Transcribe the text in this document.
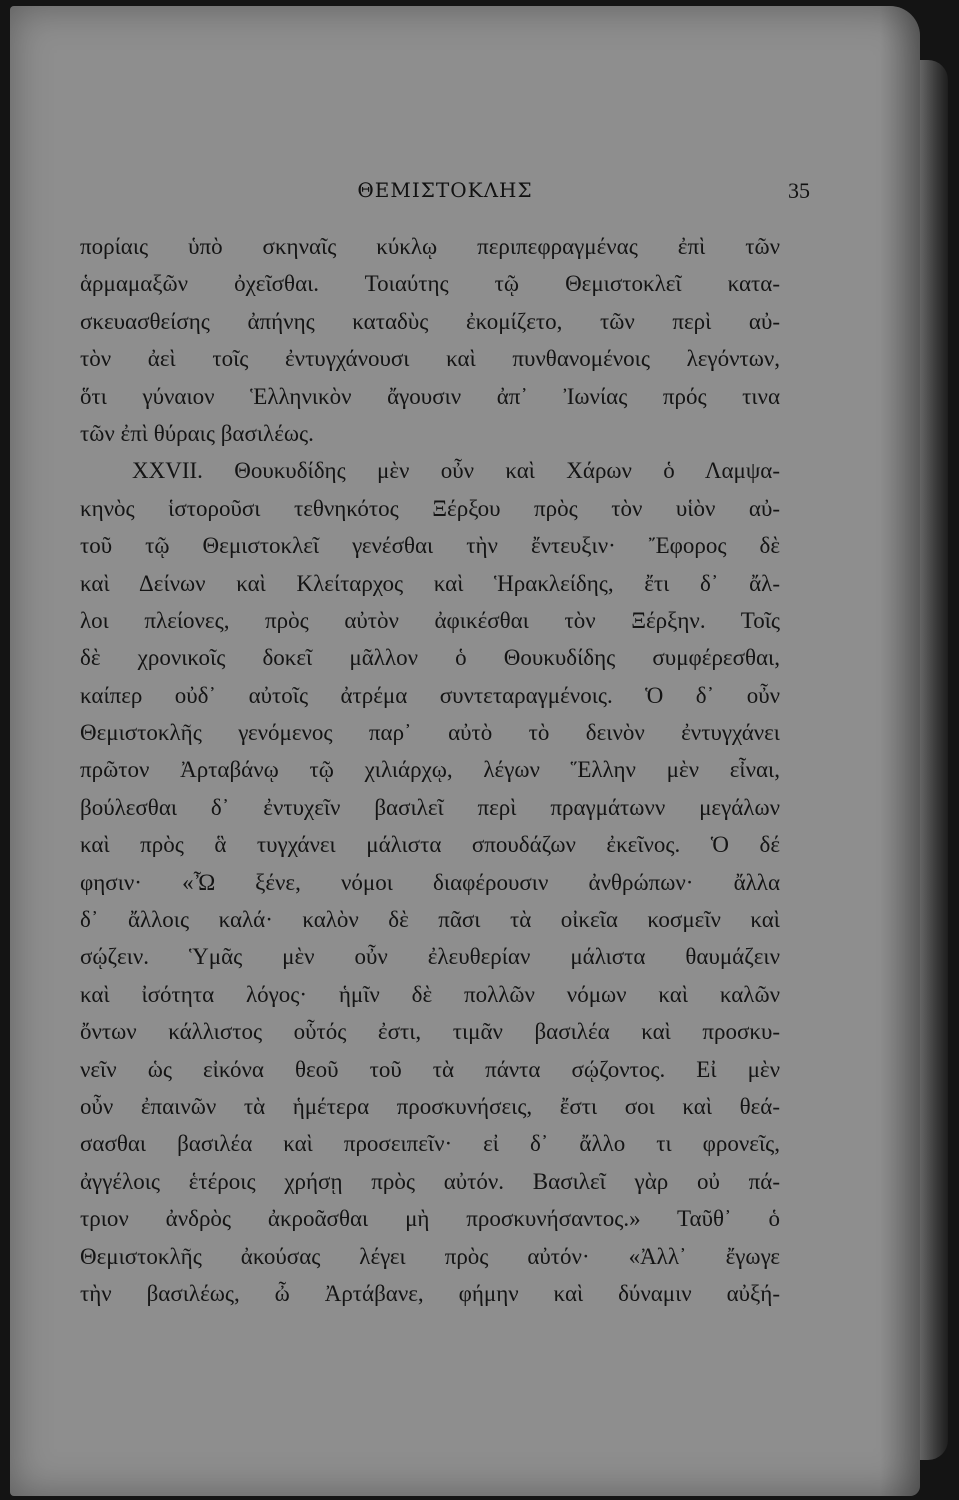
ΘΕΜΙΣΤΟΚΛΗΣ	35
πορίαις ὑπὸ σκηναῖς κύκλῳ περιπεφραγμένας ἐπὶ τῶν
ἁρμαμαξῶν ὀχεῖσθαι. Τοιαύτης τῷ Θεμιστοκλεῖ κατα-
σκευασθείσης ἀπήνης καταδὺς ἐκομίζετο, τῶν περὶ αὐ-
τὸν ἀεὶ τοῖς ἐντυγχάνουσι καὶ πυνθανομένοις λεγόντων,
ὅτι γύναιον Ἑλληνικὸν ἄγουσιν ἀπ᾽ Ἰωνίας πρός τινα
τῶν ἐπὶ θύραις βασιλέως.
XXVII. Θουκυδίδης μὲν οὖν καὶ Χάρων ὁ Λαμψα-
κηνὸς ἱστοροῦσι τεθνηκότος Ξέρξου πρὸς τὸν υἱὸν αὐ-
τοῦ τῷ Θεμιστοκλεῖ γενέσθαι τὴν ἔντευξιν· Ἔφορος δὲ
καὶ Δείνων καὶ Κλείταρχος καὶ Ἡρακλείδης, ἔτι δ᾽ ἄλ-
λοι πλείονες, πρὸς αὐτὸν ἀφικέσθαι τὸν Ξέρξην. Τοῖς
δὲ χρονικοῖς δοκεῖ μᾶλλον ὁ Θουκυδίδης συμφέρεσθαι,
καίπερ οὐδ᾽ αὐτοῖς ἀτρέμα συντεταραγμένοις. Ὁ δ᾽ οὖν
Θεμιστοκλῆς γενόμενος παρ᾽ αὐτὸ τὸ δεινὸν ἐντυγχάνει
πρῶτον Ἀρταβάνῳ τῷ χιλιάρχῳ, λέγων Ἕλλην μὲν εἶναι,
βούλεσθαι δ᾽ ἐντυχεῖν βασιλεῖ περὶ πραγμάτωνν μεγάλων
καὶ πρὸς ἃ τυγχάνει μάλιστα σπουδάζων ἐκεῖνος. Ὁ δέ
φησιν· «Ὦ ξένε, νόμοι διαφέρουσιν ἀνθρώπων· ἄλλα
δ᾽ ἄλλοις καλά· καλὸν δὲ πᾶσι τὰ οἰκεῖα κοσμεῖν καὶ
σῴζειν. Ὑμᾶς μὲν οὖν ἐλευθερίαν μάλιστα θαυμάζειν
καὶ ἰσότητα λόγος· ἡμῖν δὲ πολλῶν νόμων καὶ καλῶν
ὄντων κάλλιστος οὗτός ἐστι, τιμᾶν βασιλέα καὶ προσκυ-
νεῖν ὡς εἰκόνα θεοῦ τοῦ τὰ πάντα σῴζοντος. Εἰ μὲν
οὖν ἐπαινῶν τὰ ἡμέτερα προσκυνήσεις, ἔστι σοι καὶ θεά-
σασθαι βασιλέα καὶ προσειπεῖν· εἰ δ᾽ ἄλλο τι φρονεῖς,
ἀγγέλοις ἑτέροις χρήσῃ πρὸς αὐτόν. Βασιλεῖ γὰρ οὐ πά-
τριον ἀνδρὸς ἀκροᾶσθαι μὴ προσκυνήσαντος.» Ταῦθ᾽ ὁ
Θεμιστοκλῆς ἀκούσας λέγει πρὸς αὐτόν· «Ἀλλ᾽ ἔγωγε
τὴν βασιλέως, ὦ Ἀρτάβανε, φήμην καὶ δύναμιν αὐξή-
